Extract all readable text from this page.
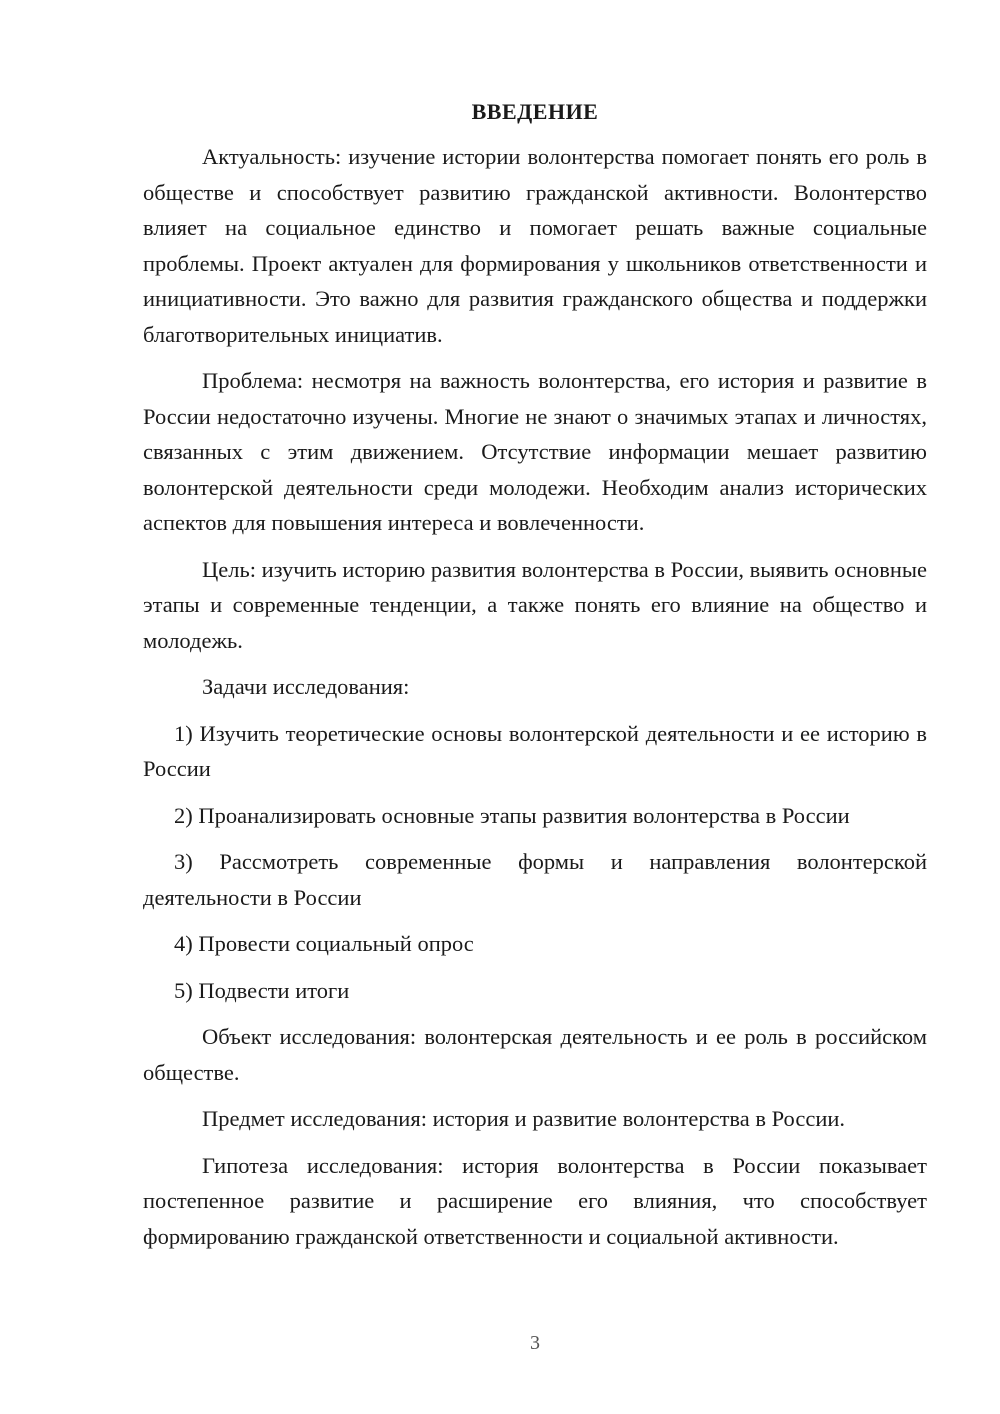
ВВЕДЕНИЕ

Актуальность: изучение истории волонтерства помогает понять его роль в обществе и способствует развитию гражданской активности. Волонтерство влияет на социальное единство и помогает решать важные социальные проблемы. Проект актуален для формирования у школьников ответственности и инициативности. Это важно для развития гражданского общества и поддержки благотворительных инициатив.

Проблема: несмотря на важность волонтерства, его история и развитие в России недостаточно изучены. Многие не знают о значимых этапах и личностях, связанных с этим движением. Отсутствие информации мешает развитию волонтерской деятельности среди молодежи. Необходим анализ исторических аспектов для повышения интереса и вовлеченности.

Цель: изучить историю развития волонтерства в России, выявить основные этапы и современные тенденции, а также понять его влияние на общество и молодежь.

Задачи исследования:

1) Изучить теоретические основы волонтерской деятельности и ее историю в России

2) Проанализировать основные этапы развития волонтерства в России

3) Рассмотреть современные формы и направления волонтерской деятельности в России

4) Провести социальный опрос

5) Подвести итоги

Объект исследования: волонтерская деятельность и ее роль в российском обществе.

Предмет исследования: история и развитие волонтерства в России.

Гипотеза исследования: история волонтерства в России показывает постепенное развитие и расширение его влияния, что способствует формированию гражданской ответственности и социальной активности.

3
